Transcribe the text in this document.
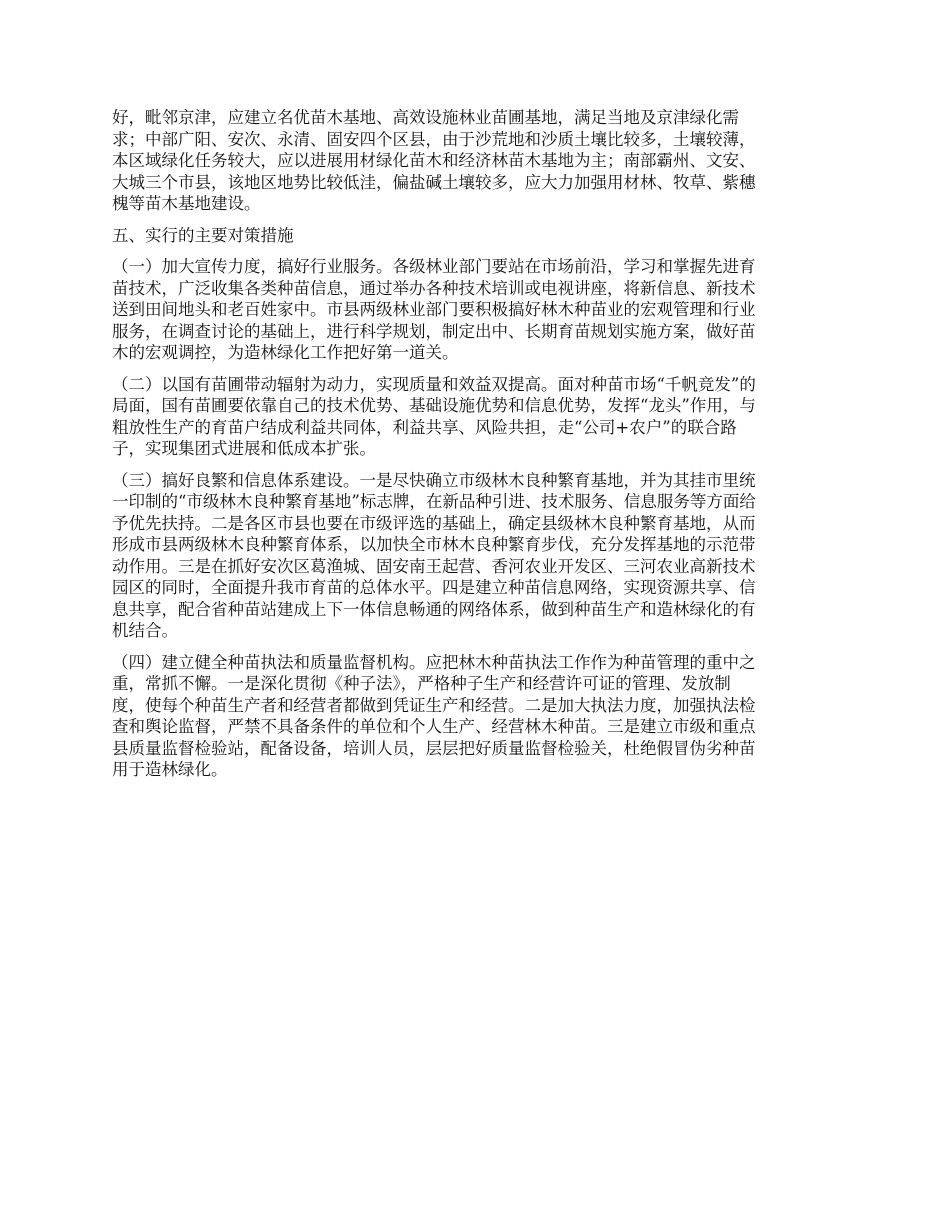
好，毗邻京津，应建立名优苗木基地、高效设施林业苗圃基地，满足当地及京津绿化需
求；中部广阳、安次、永清、固安四个区县，由于沙荒地和沙质土壤比较多，土壤较薄，
本区域绿化任务较大，应以进展用材绿化苗木和经济林苗木基地为主；南部霸州、文安、
大城三个市县，该地区地势比较低洼，偏盐碱土壤较多，应大力加强用材林、牧草、紫穗
槐等苗木基地建设。
五、实行的主要对策措施
（一）加大宣传力度，搞好行业服务。各级林业部门要站在市场前沿，学习和掌握先进育
苗技术，广泛收集各类种苗信息，通过举办各种技术培训或电视讲座，将新信息、新技术
送到田间地头和老百姓家中。市县两级林业部门要积极搞好林木种苗业的宏观管理和行业
服务，在调查讨论的基础上，进行科学规划，制定出中、长期育苗规划实施方案，做好苗
木的宏观调控，为造林绿化工作把好第一道关。
（二）以国有苗圃带动辐射为动力，实现质量和效益双提高。面对种苗市场“千帆竞发”的
局面，国有苗圃要依靠自己的技术优势、基础设施优势和信息优势，发挥“龙头”作用，与
粗放性生产的育苗户结成利益共同体，利益共享、风险共担，走“公司+农户”的联合路
子，实现集团式进展和低成本扩张。
（三）搞好良繁和信息体系建设。一是尽快确立市级林木良种繁育基地，并为其挂市里统
一印制的“市级林木良种繁育基地”标志牌，在新品种引进、技术服务、信息服务等方面给
予优先扶持。二是各区市县也要在市级评选的基础上，确定县级林木良种繁育基地，从而
形成市县两级林木良种繁育体系，以加快全市林木良种繁育步伐，充分发挥基地的示范带
动作用。三是在抓好安次区葛渔城、固安南王起营、香河农业开发区、三河农业高新技术
园区的同时，全面提升我市育苗的总体水平。四是建立种苗信息网络，实现资源共享、信
息共享，配合省种苗站建成上下一体信息畅通的网络体系，做到种苗生产和造林绿化的有
机结合。
（四）建立健全种苗执法和质量监督机构。应把林木种苗执法工作作为种苗管理的重中之
重，常抓不懈。一是深化贯彻《种子法》，严格种子生产和经营许可证的管理、发放制
度，使每个种苗生产者和经营者都做到凭证生产和经营。二是加大执法力度，加强执法检
查和舆论监督，严禁不具备条件的单位和个人生产、经营林木种苗。三是建立市级和重点
县质量监督检验站，配备设备，培训人员，层层把好质量监督检验关，杜绝假冒伪劣种苗
用于造林绿化。
